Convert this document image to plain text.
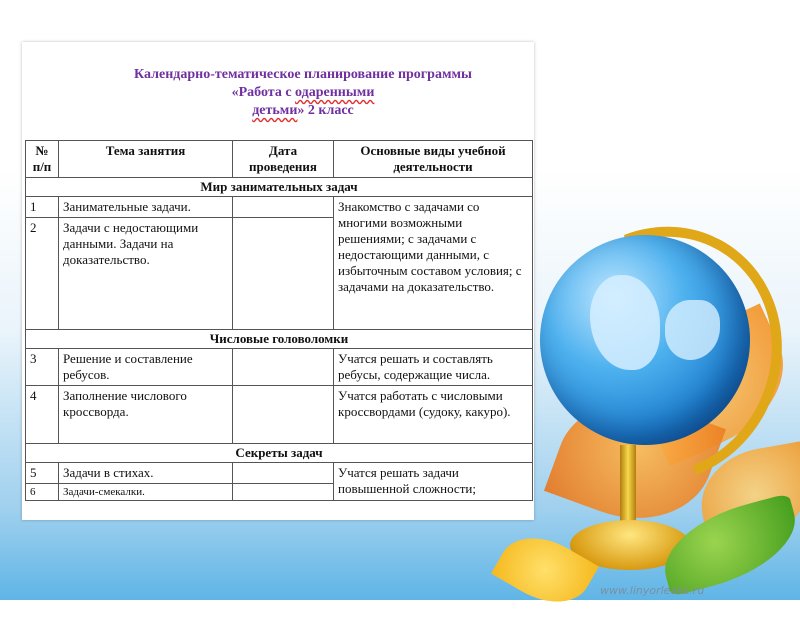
www.linyorleaks.ru
Календарно-тематическое планирование программы
«Работа с одаренными
детьми» 2 класс
№ п/п	Тема занятия	Дата проведения	Основные виды учебной деятельности
Мир занимательных задач			
1	Занимательные задачи.		Знакомство с задачами со многими возможными решениями; с задачами с недостающими данными, с избыточным составом условия; с задачами на доказательство.
2	Задачи с недостающими данными. Задачи на доказательство.		
Числовые головоломки			
3	Решение и составление ребусов.		Учатся решать и составлять ребусы, содержащие числа.
4	Заполнение числового кроссворда.		Учатся работать с числовыми кроссвордами (судоку, какуро).
Секреты задач			
5	Задачи в стихах.		Учатся решать задачи повышенной сложности;
6	Задачи-смекалки.		
